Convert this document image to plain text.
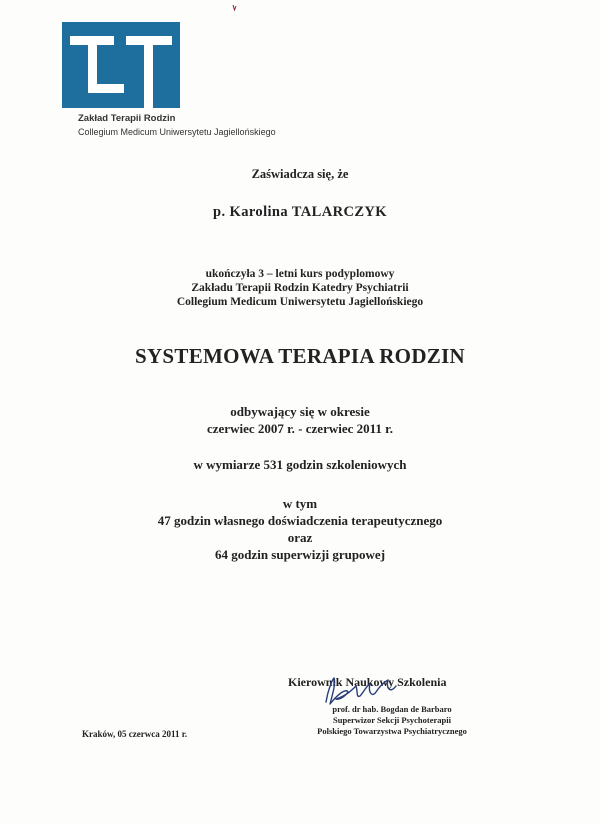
Zakład Terapii Rodzin
Collegium Medicum Uniwersytetu Jagiellońskiego
Zaświadcza się, że
p. Karolina TALARCZYK
ukończyła 3 – letni kurs podyplomowy
Zakładu Terapii Rodzin Katedry Psychiatrii
Collegium Medicum Uniwersytetu Jagiellońskiego
SYSTEMOWA TERAPIA RODZIN
odbywający się w okresie
czerwiec 2007 r. - czerwiec 2011 r.
w wymiarze 531 godzin szkoleniowych
w tym
47 godzin własnego doświadczenia terapeutycznego
oraz
64 godzin superwizji grupowej
Kierownik Naukowy Szkolenia
prof. dr hab. Bogdan de Barbaro
Superwizor Sekcji Psychoterapii
Polskiego Towarzystwa Psychiatrycznego
Kraków, 05 czerwca 2011 r.
